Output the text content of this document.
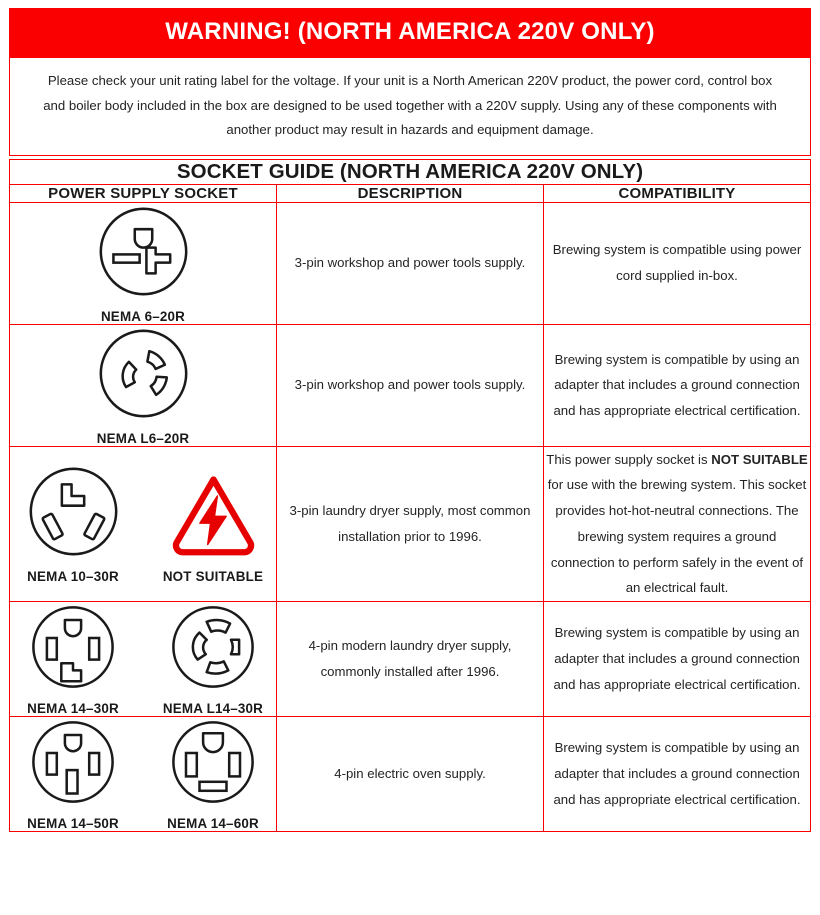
WARNING! (NORTH AMERICA 220V ONLY)
Please check your unit rating label for the voltage. If your unit is a North American 220V product, the power cord, control box and boiler body included in the box are designed to be used together with a 220V supply. Using any of these components with another product may result in hazards and equipment damage.
SOCKET GUIDE (NORTH AMERICA 220V ONLY)		
POWER SUPPLY SOCKET	DESCRIPTION	COMPATIBILITY

NEMA 6–20R	3-pin workshop and power tools supply.	Brewing system is compatible using power cord supplied in-box.

NEMA L6–20R	3-pin workshop and power tools supply.	Brewing system is compatible by using an adapter that includes a ground connection and has appropriate electrical certification.

NEMA 10–30R NOT SUITABLE	3-pin laundry dryer supply, most common installation prior to 1996.	This power supply socket is NOT SUITABLE for use with the brewing system. This socket provides hot-hot-neutral connections. The brewing system requires a ground connection to perform safely in the event of an electrical fault.

NEMA 14–30R NEMA L14–30R	4-pin modern laundry dryer supply, commonly installed after 1996.	Brewing system is compatible by using an adapter that includes a ground connection and has appropriate electrical certification.

NEMA 14–50R NEMA 14–60R	4-pin electric oven supply.	Brewing system is compatible by using an adapter that includes a ground connection and has appropriate electrical certification.
